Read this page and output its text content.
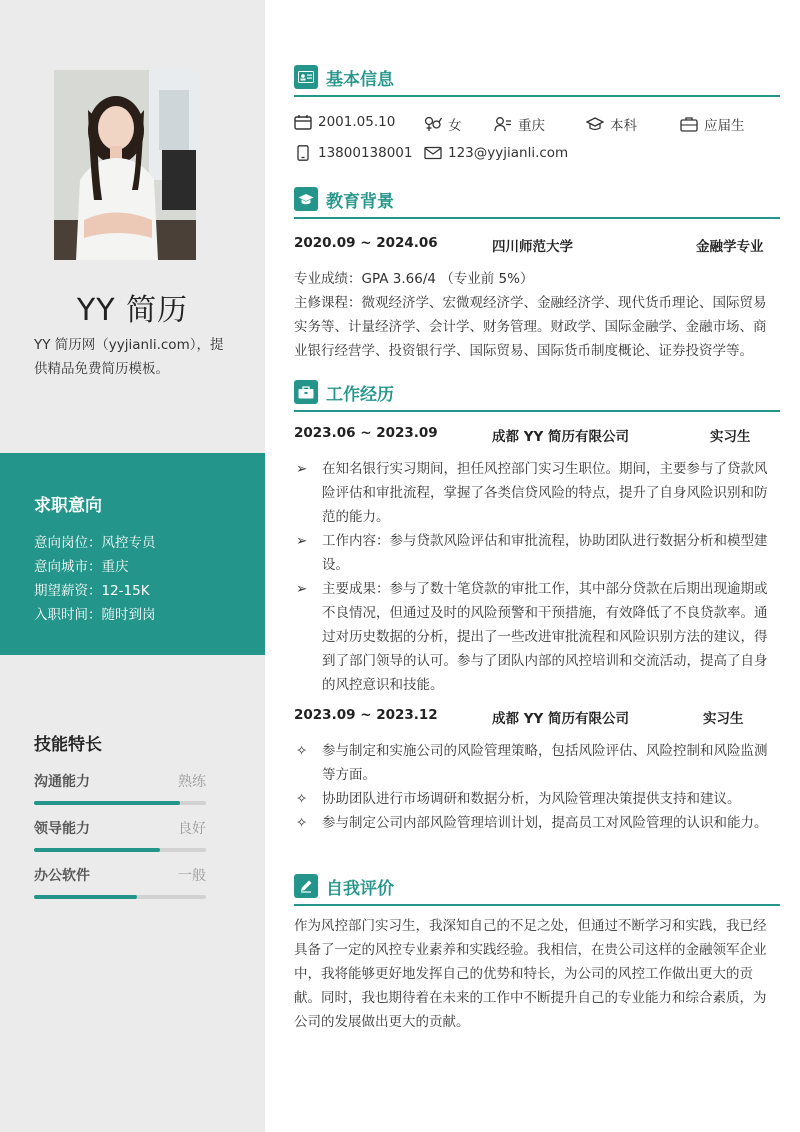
YY 简历
YY 简历网（yyjianli.com），提供精品免费简历模板。
求职意向
意向岗位：风控专员
意向城市：重庆
期望薪资：12-15K
入职时间：随时到岗
技能特长
沟通能力	熟练
领导能力	良好
办公软件	一般
基本信息
2001.05.10	女	重庆	本科	应届生
13800138001	123@yyjianli.com
教育背景
2020.09 ~ 2024.06	四川师范大学	金融学专业
专业成绩：GPA 3.66/4 （专业前 5%）
主修课程：微观经济学、宏微观经济学、金融经济学、现代货币理论、国际贸易实务等、计量经济学、会计学、财务管理。财政学、国际金融学、金融市场、商业银行经营学、投资银行学、国际贸易、国际货币制度概论、证券投资学等。
工作经历
2023.06 ~ 2023.09	成都 YY 简历有限公司	实习生
➢ 在知名银行实习期间，担任风控部门实习生职位。期间，主要参与了贷款风险评估和审批流程，掌握了各类信贷风险的特点，提升了自身风险识别和防范的能力。
➢ 工作内容：参与贷款风险评估和审批流程，协助团队进行数据分析和模型建设。
➢ 主要成果：参与了数十笔贷款的审批工作，其中部分贷款在后期出现逾期或不良情况，但通过及时的风险预警和干预措施，有效降低了不良贷款率。通过对历史数据的分析，提出了一些改进审批流程和风险识别方法的建议，得到了部门领导的认可。参与了团队内部的风控培训和交流活动，提高了自身的风控意识和技能。
2023.09 ~ 2023.12	成都 YY 简历有限公司	实习生
✧ 参与制定和实施公司的风险管理策略，包括风险评估、风险控制和风险监测等方面。
✧ 协助团队进行市场调研和数据分析，为风险管理决策提供支持和建议。
✧ 参与制定公司内部风险管理培训计划，提高员工对风险管理的认识和能力。
自我评价
作为风控部门实习生，我深知自己的不足之处，但通过不断学习和实践，我已经具备了一定的风控专业素养和实践经验。我相信，在贵公司这样的金融领军企业中，我将能够更好地发挥自己的优势和特长，为公司的风控工作做出更大的贡献。同时，我也期待着在未来的工作中不断提升自己的专业能力和综合素质，为公司的发展做出更大的贡献。
